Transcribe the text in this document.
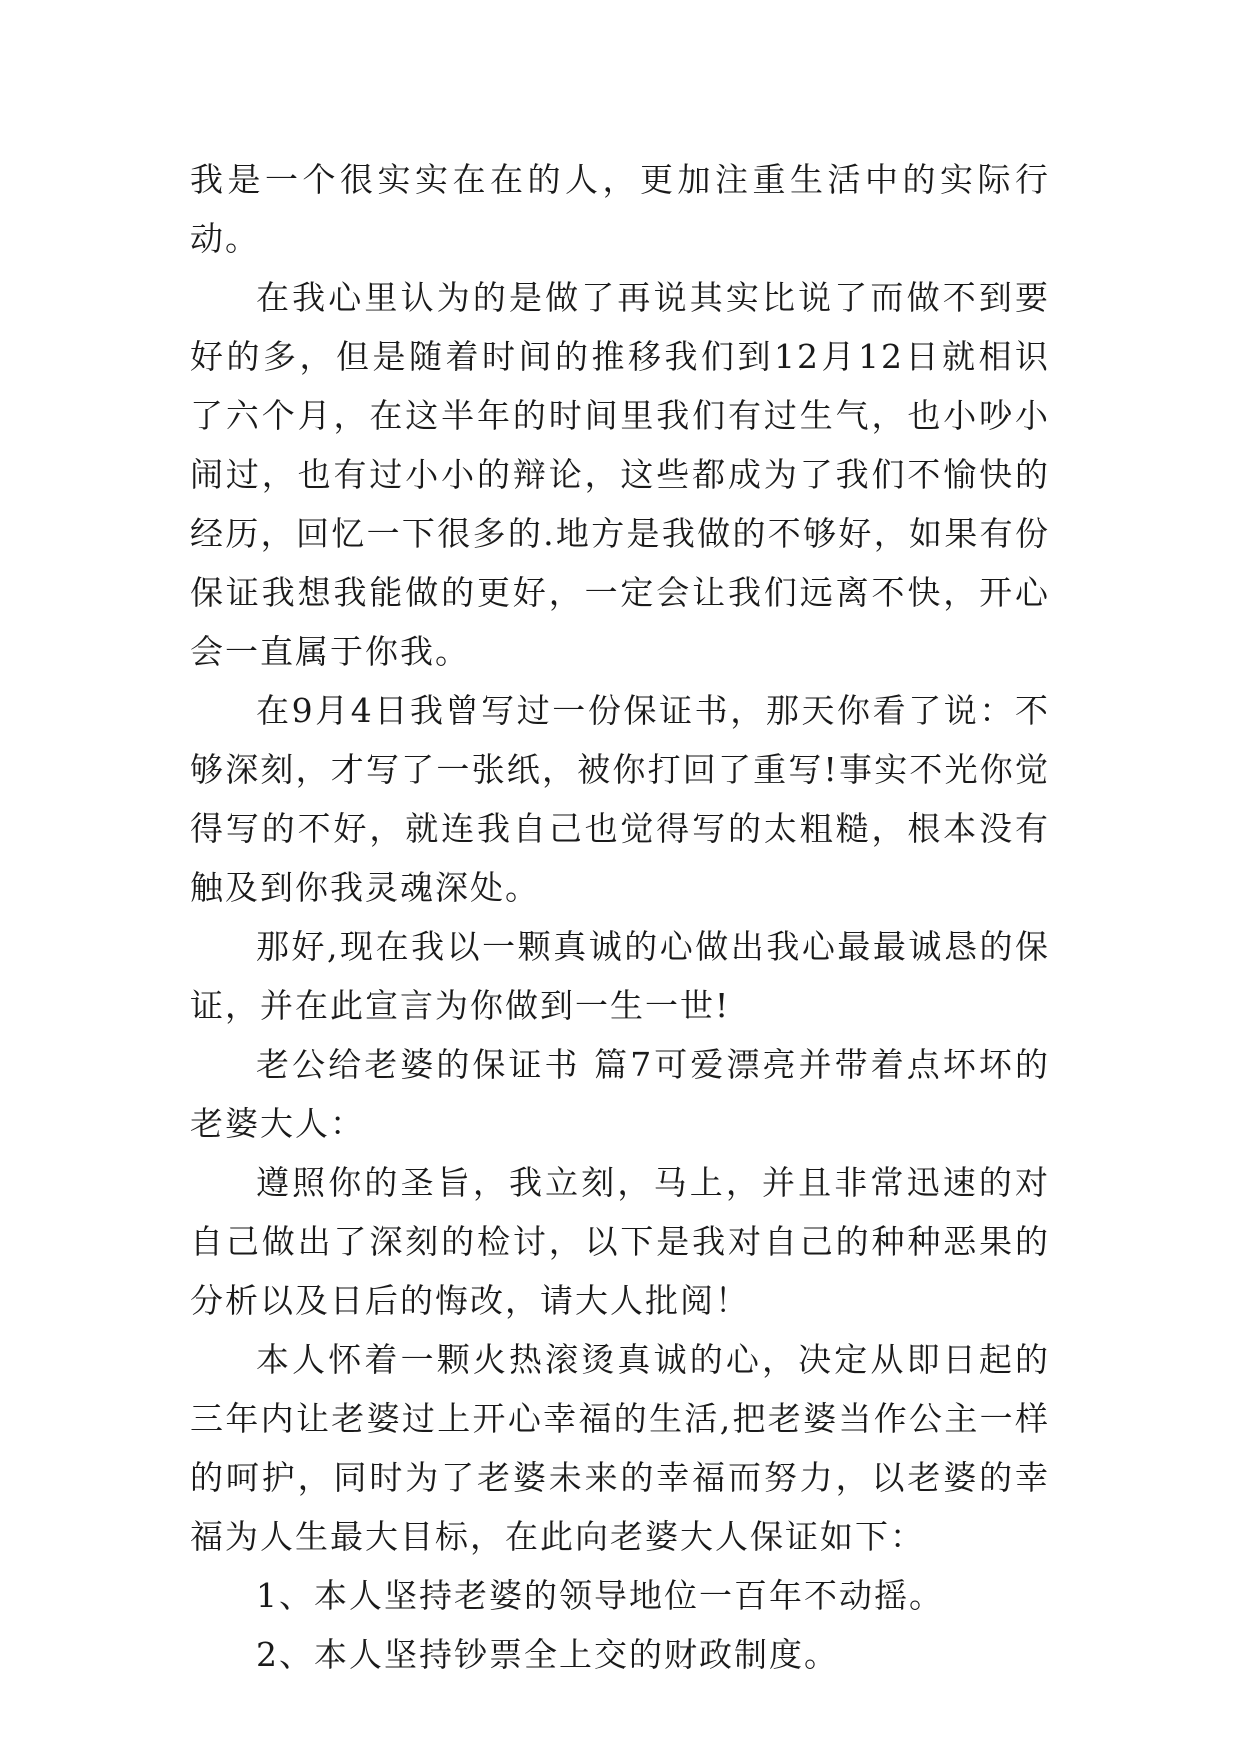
我是一个很实实在在的人，更加注重生活中的实际行动。

在我心里认为的是做了再说其实比说了而做不到要好的多，但是随着时间的推移我们到12月12日就相识了六个月，在这半年的时间里我们有过生气，也小吵小闹过，也有过小小的辩论，这些都成为了我们不愉快的经历，回忆一下很多的.地方是我做的不够好，如果有份保证我想我能做的更好，一定会让我们远离不快，开心会一直属于你我。

在9月4日我曾写过一份保证书，那天你看了说：不够深刻，才写了一张纸，被你打回了重写!事实不光你觉得写的不好，就连我自己也觉得写的太粗糙，根本没有触及到你我灵魂深处。

那好,现在我以一颗真诚的心做出我心最最诚恳的保证，并在此宣言为你做到一生一世!

老公给老婆的保证书 篇7可爱漂亮并带着点坏坏的老婆大人：

遵照你的圣旨，我立刻，马上，并且非常迅速的对自己做出了深刻的检讨，以下是我对自己的种种恶果的分析以及日后的悔改，请大人批阅！

本人怀着一颗火热滚烫真诚的心，决定从即日起的三年内让老婆过上开心幸福的生活,把老婆当作公主一样的呵护，同时为了老婆未来的幸福而努力，以老婆的幸福为人生最大目标，在此向老婆大人保证如下：

1、本人坚持老婆的领导地位一百年不动摇。

2、本人坚持钞票全上交的财政制度。
